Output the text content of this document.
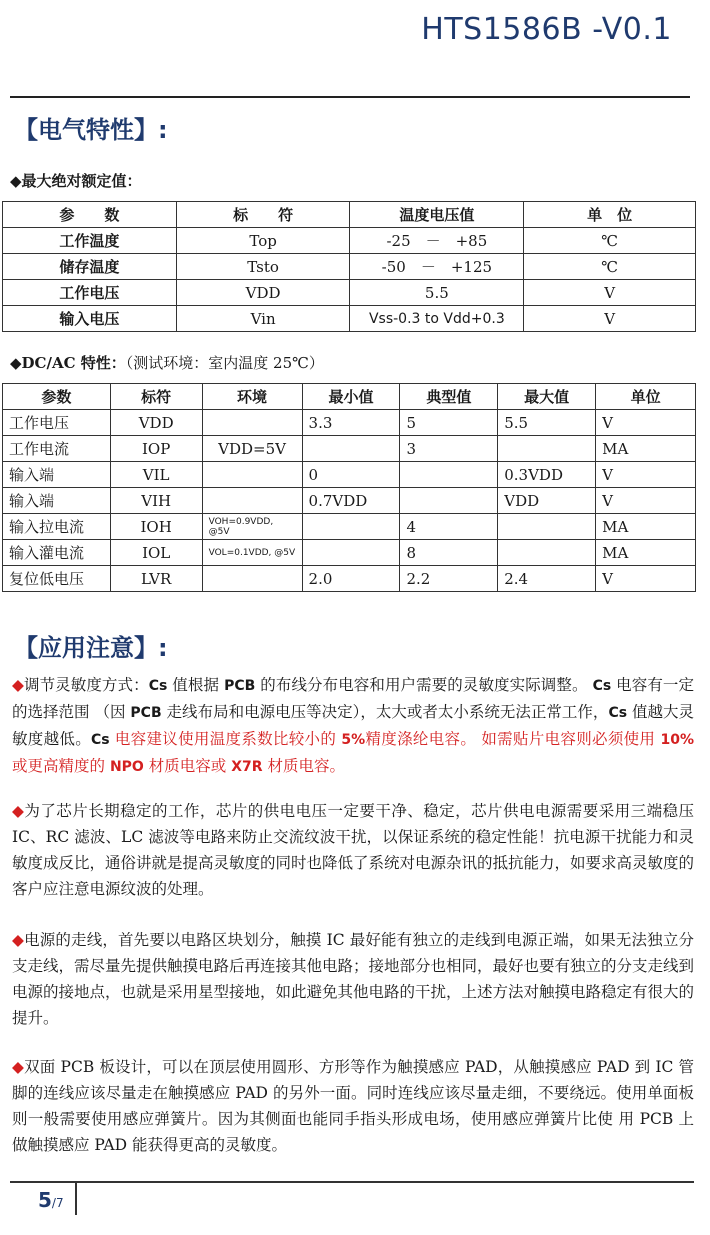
HTS1586B -V0.1
【电气特性】:
◆最大绝对额定值：
参　　数	标　　符	温度电压值	单　位
工作温度	Top	-25　－　+85	℃
储存温度	Tsto	-50　－　+125	℃
工作电压	VDD	5.5	V
输入电压	Vin	Vss-0.3 to Vdd+0.3	V
◆DC/AC 特性：（测试环境：室内温度 25℃）
参数	标符	环境	最小值	典型值	最大值	单位
工作电压	VDD		3.3	5	5.5	V
工作电流	IOP	VDD=5V		3		MA
输入端	VIL		0		0.3VDD	V
输入端	VIH		0.7VDD		VDD	V
输入拉电流	IOH	VOH=0.9VDD, @5V		4		MA
输入灌电流	IOL	VOL=0.1VDD, @5V		8		MA
复位低电压	LVR		2.0	2.2	2.4	V
【应用注意】:
◆调节灵敏度方式：Cs 值根据 PCB 的布线分布电容和用户需要的灵敏度实际调整。 Cs 电容有一定的选择范围 （因 PCB 走线布局和电源电压等决定），太大或者太小系统无法正常工作，Cs 值越大灵敏度越低。Cs 电容建议使用温度系数比较小的 5%精度涤纶电容。 如需贴片电容则必须使用 10%或更高精度的 NPO 材质电容或 X7R 材质电容。
◆为了芯片长期稳定的工作，芯片的供电电压一定要干净、稳定，芯片供电电源需要采用三端稳压 IC、RC 滤波、LC 滤波等电路来防止交流纹波干扰，以保证系统的稳定性能！抗电源干扰能力和灵敏度成反比，通俗讲就是提高灵敏度的同时也降低了系统对电源杂讯的抵抗能力，如要求高灵敏度的客户应注意电源纹波的处理。
◆电源的走线，首先要以电路区块划分，触摸 IC 最好能有独立的走线到电源正端，如果无法独立分支走线，需尽量先提供触摸电路后再连接其他电路；接地部分也相同，最好也要有独立的分支走线到电源的接地点，也就是采用星型接地，如此避免其他电路的干扰，上述方法对触摸电路稳定有很大的提升。
◆双面 PCB 板设计，可以在顶层使用圆形、方形等作为触摸感应 PAD，从触摸感应 PAD 到 IC 管脚的连线应该尽量走在触摸感应 PAD 的另外一面。同时连线应该尽量走细，不要绕远。使用单面板则一般需要使用感应弹簧片。因为其侧面也能同手指头形成电场，使用感应弹簧片比使 用 PCB 上做触摸感应 PAD 能获得更高的灵敏度。
5/7
